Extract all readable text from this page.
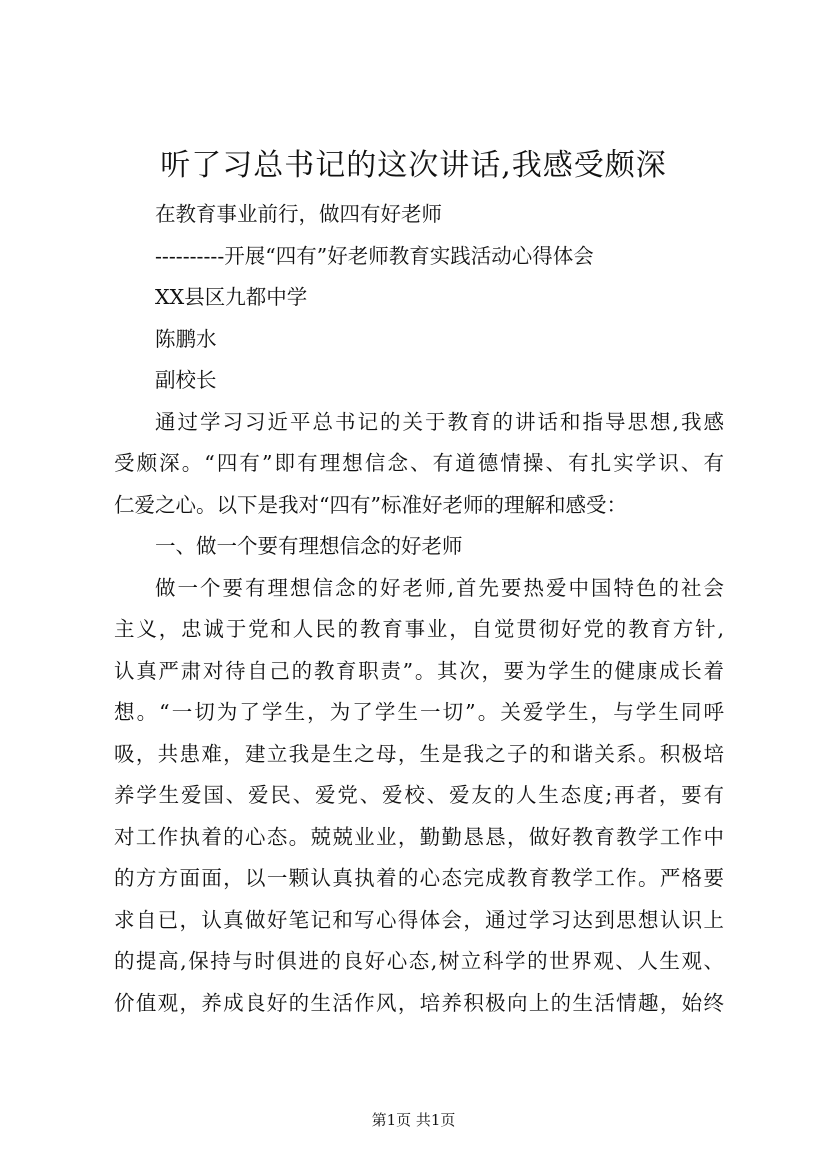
听了习总书记的这次讲话,我感受颇深
在教育事业前行，做四有好老师
----------开展“四有”好老师教育实践活动心得体会
XX县区九都中学
陈鹏水
副校长
通过学习习近平总书记的关于教育的讲话和指导思想,我感
受颇深。“四有”即有理想信念、有道德情操、有扎实学识、有
仁爱之心。以下是我对“四有”标准好老师的理解和感受：
一、做一个要有理想信念的好老师
做一个要有理想信念的好老师,首先要热爱中国特色的社会
主义，忠诚于党和人民的教育事业，自觉贯彻好党的教育方针,
认真严肃对待自己的教育职责”。其次，要为学生的健康成长着
想。“一切为了学生，为了学生一切”。关爱学生，与学生同呼
吸，共患难，建立我是生之母，生是我之子的和谐关系。积极培
养学生爱国、爱民、爱党、爱校、爱友的人生态度;再者，要有
对工作执着的心态。兢兢业业，勤勤恳恳，做好教育教学工作中
的方方面面，以一颗认真执着的心态完成教育教学工作。严格要
求自已，认真做好笔记和写心得体会，通过学习达到思想认识上
的提高,保持与时俱进的良好心态,树立科学的世界观、人生观、
价值观，养成良好的生活作风，培养积极向上的生活情趣，始终
第1页 共1页
